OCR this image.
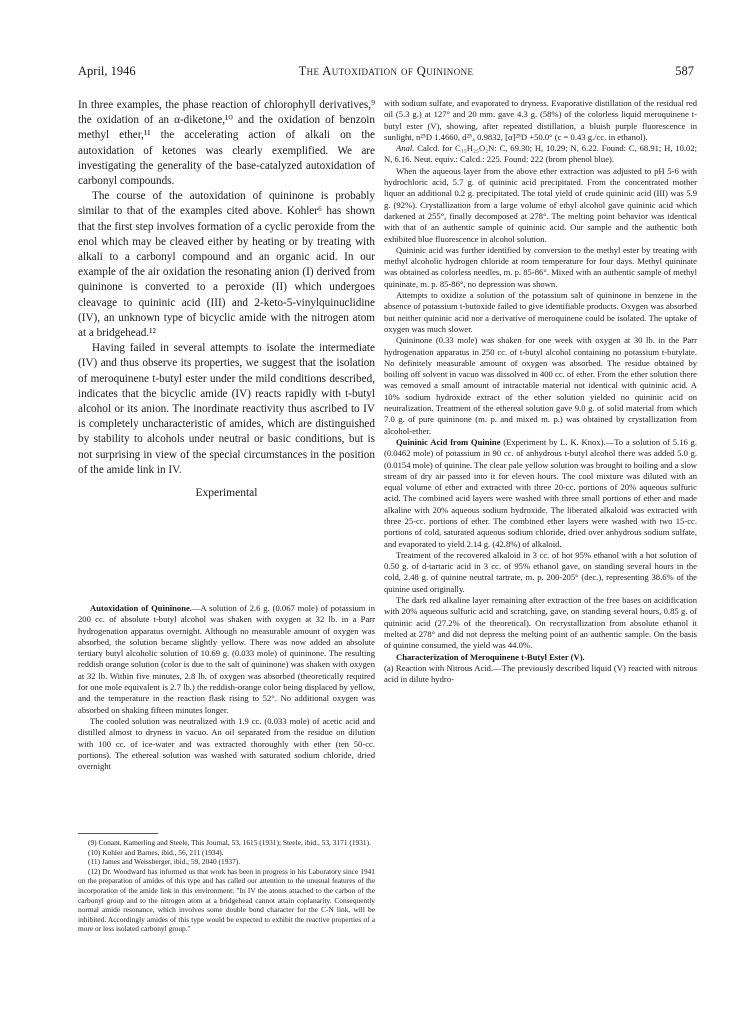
April, 1946	The Autoxidation of Quininone	587

In three examples, the phase reaction of chlorophyll derivatives,⁹ the oxidation of an α-diketone,¹⁰ and the oxidation of benzoin methyl ether,¹¹ the accelerating action of alkali on the autoxidation of ketones was clearly exemplified. We are investigating the generality of the base-catalyzed autoxidation of carbonyl compounds.

The course of the autoxidation of quininone is probably similar to that of the examples cited above. Kohler⁶ has shown that the first step involves formation of a cyclic peroxide from the enol which may be cleaved either by heating or by treating with alkali to a carbonyl compound and an organic acid. In our example of the air oxidation the resonating anion (I) derived from quininone is converted to a peroxide (II) which undergoes cleavage to quininic acid (III) and 2-keto-5-vinylquinuclidine (IV), an unknown type of bicyclic amide with the nitrogen atom at a bridgehead.¹²

Having failed in several attempts to isolate the intermediate (IV) and thus observe its properties, we suggest that the isolation of meroquinene t-butyl ester under the mild conditions described, indicates that the bicyclic amide (IV) reacts rapidly with t-butyl alcohol or its anion. The inordinate reactivity thus ascribed to IV is completely uncharacteristic of amides, which are distinguished by stability to alcohols under neutral or basic conditions, but is not surprising in view of the special circumstances in the position of the amide link in IV.

Experimental

Autoxidation of Quininone.—A solution of 2.6 g. (0.067 mole) of potassium in 200 cc. of absolute t-butyl alcohol was shaken with oxygen at 32 lb. in a Parr hydrogenation apparatus overnight. Although no measurable amount of oxygen was absorbed, the solution became slightly yellow. There was now added an absolute tertiary butyl alcoholic solution of 10.69 g. (0.033 mole) of quininone. The resulting reddish orange solution (color is due to the salt of quininone) was shaken with oxygen at 32 lb. Within five minutes, 2.8 lb. of oxygen was absorbed (theoretically required for one mole equivalent is 2.7 lb.) the reddish-orange color being displaced by yellow, and the temperature in the reaction flask rising to 52°. No additional oxygen was absorbed on shaking fifteen minutes longer.

The cooled solution was neutralized with 1.9 cc. (0.033 mole) of acetic acid and distilled almost to dryness in vacuo. An oil separated from the residue on dilution with 100 cc. of ice-water and was extracted thoroughly with ether (ten 50-cc. portions). The ethereal solution was washed with saturated sodium chloride, dried overnight

(9) Conant, Kamerling and Steele, This Journal, 53, 1615 (1931); Steele, ibid., 53, 3171 (1931).

(10) Kohler and Barnes, ibid., 56, 211 (1934).

(11) James and Weissberger, ibid., 59, 2040 (1937).

(12) Dr. Woodward has informed us that work has been in progress in his Laboratory since 1941 on the preparation of amides of this type and has called our attention to the unusual features of the incorporation of the amide link in this environment: "In IV the atoms attached to the carbon of the carbonyl group and to the nitrogen atom at a bridgehead cannot attain coplanarity. Consequently normal amide resonance, which involves some double bond character for the C-N link, will be inhibited. Accordingly amides of this type would be expected to exhibit the reactive properties of a more or less isolated carbonyl group."

with sodium sulfate, and evaporated to dryness. Evaporative distillation of the residual red oil (5.3 g.) at 127° and 20 mm. gave 4.3 g. (58%) of the colorless liquid meroquinene t-butyl ester (V), showing, after repeated distillation, a bluish purple fluorescence in sunlight, n²⁵D 1.4660, d²⁵₄ 0.9832, [α]²⁵D +50.0° (c = 0.43 g./cc. in ethanol).

Anal. Calcd. for C₁₅H₂₅O₂N: C, 69.30; H, 10.29; N, 6.22. Found: C, 68.91; H, 10.02; N, 6.16. Neut. equiv.: Calcd.: 225. Found: 222 (brom phenol blue).

When the aqueous layer from the above ether extraction was adjusted to pH 5-6 with hydrochloric acid, 5.7 g. of quininic acid precipitated. From the concentrated mother liquor an additional 0.2 g. precipitated. The total yield of crude quininic acid (III) was 5.9 g. (92%). Crystallization from a large volume of ethyl alcohol gave quininic acid which darkened at 255°, finally decomposed at 278°. The melting point behavior was identical with that of an authentic sample of quininic acid. Our sample and the authentic both exhibited blue fluorescence in alcohol solution.

Quininic acid was further identified by conversion to the methyl ester by treating with methyl alcoholic hydrogen chloride at room temperature for four days. Methyl quininate was obtained as colorless needles, m. p. 85-86°. Mixed with an authentic sample of methyl quininate, m. p. 85-86°, no depression was shown.

Attempts to oxidize a solution of the potassium salt of quininone in benzene in the absence of potassium t-butoxide failed to give identifiable products. Oxygen was absorbed but neither quininic acid nor a derivative of meroquinene could be isolated. The uptake of oxygen was much slower.

Quininone (0.33 mole) was shaken for one week with oxygen at 30 lb. in the Parr hydrogenation apparatus in 250 cc. of t-butyl alcohol containing no potassium t-butylate. No definitely measurable amount of oxygen was absorbed. The residue obtained by boiling off solvent in vacuo was dissolved in 400 cc. of ether. From the ether solution there was removed a small amount of intractable material not identical with quininic acid. A 10% sodium hydroxide extract of the ether solution yielded no quininic acid on neutralization. Treatment of the ethereal solution gave 9.0 g. of solid material from which 7.0 g. of pure quininone (m. p. and mixed m. p.) was obtained by crystallization from alcohol-ether.

Quininic Acid from Quinine (Experiment by L. K. Knox).—To a solution of 5.16 g. (0.0462 mole) of potassium in 90 cc. of anhydrous t-butyl alcohol there was added 5.0 g. (0.0154 mole) of quinine. The clear pale yellow solution was brought to boiling and a slow stream of dry air passed into it for eleven hours. The cool mixture was diluted with an equal volume of ether and extracted with three 20-cc. portions of 20% aqueous sulfuric acid. The combined acid layers were washed with three small portions of ether and made alkaline with 20% aqueous sodium hydroxide. The liberated alkaloid was extracted with three 25-cc. portions of ether. The combined ether layers were washed with two 15-cc. portions of cold, saturated aqueous sodium chloride, dried over anhydrous sodium sulfate, and evaporated to yield 2.14 g. (42.8%) of alkaloid.

Treatment of the recovered alkaloid in 3 cc. of hot 95% ethanol with a hot solution of 0.50 g. of d-tartaric acid in 3 cc. of 95% ethanol gave, on standing several hours in the cold, 2.48 g. of quinine neutral tartrate, m. p. 200-205° (dec.), representing 38.6% of the quinine used originally.

The dark red alkaline layer remaining after extraction of the free bases on acidification with 20% aqueous sulfuric acid and scratching, gave, on standing several hours, 0.85 g. of quininic acid (27.2% of the theoretical). On recrystallization from absolute ethanol it melted at 278° and did not depress the melting point of an authentic sample. On the basis of quinine consumed, the yield was 44.0%.

Characterization of Meroquinene t-Butyl Ester (V).
(a) Reaction with Nitrous Acid.—The previously described liquid (V) reacted with nitrous acid in dilute hydro-
